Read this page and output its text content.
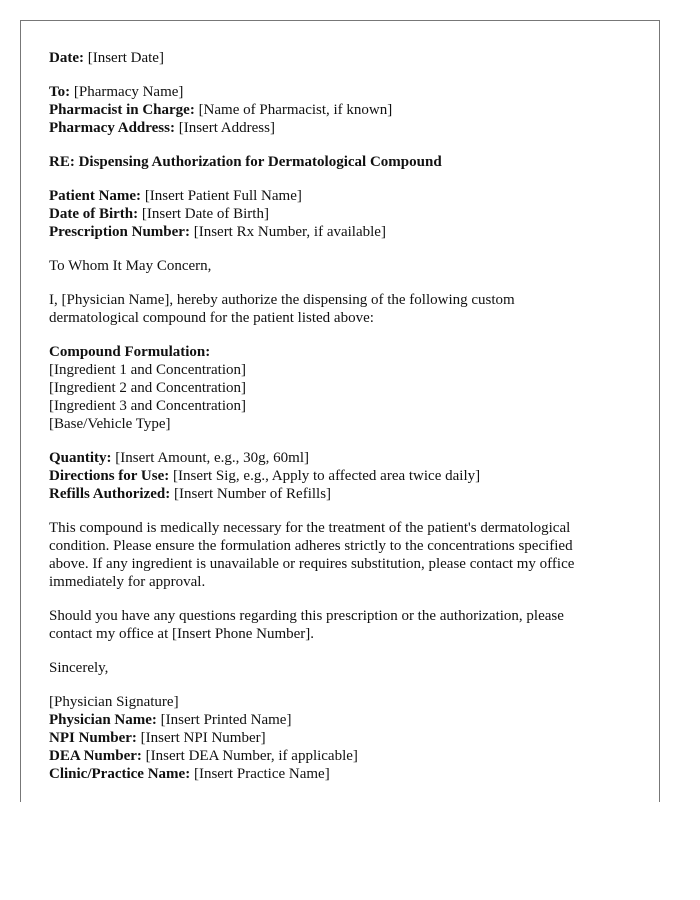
Date: [Insert Date]
To: [Pharmacy Name]
Pharmacist in Charge: [Name of Pharmacist, if known]
Pharmacy Address: [Insert Address]
RE: Dispensing Authorization for Dermatological Compound
Patient Name: [Insert Patient Full Name]
Date of Birth: [Insert Date of Birth]
Prescription Number: [Insert Rx Number, if available]
To Whom It May Concern,
I, [Physician Name], hereby authorize the dispensing of the following custom
dermatological compound for the patient listed above:
Compound Formulation:
[Ingredient 1 and Concentration]
[Ingredient 2 and Concentration]
[Ingredient 3 and Concentration]
[Base/Vehicle Type]
Quantity: [Insert Amount, e.g., 30g, 60ml]
Directions for Use: [Insert Sig, e.g., Apply to affected area twice daily]
Refills Authorized: [Insert Number of Refills]
This compound is medically necessary for the treatment of the patient's dermatological
condition. Please ensure the formulation adheres strictly to the concentrations specified
above. If any ingredient is unavailable or requires substitution, please contact my office
immediately for approval.
Should you have any questions regarding this prescription or the authorization, please
contact my office at [Insert Phone Number].
Sincerely,
[Physician Signature]
Physician Name: [Insert Printed Name]
NPI Number: [Insert NPI Number]
DEA Number: [Insert DEA Number, if applicable]
Clinic/Practice Name: [Insert Practice Name]
